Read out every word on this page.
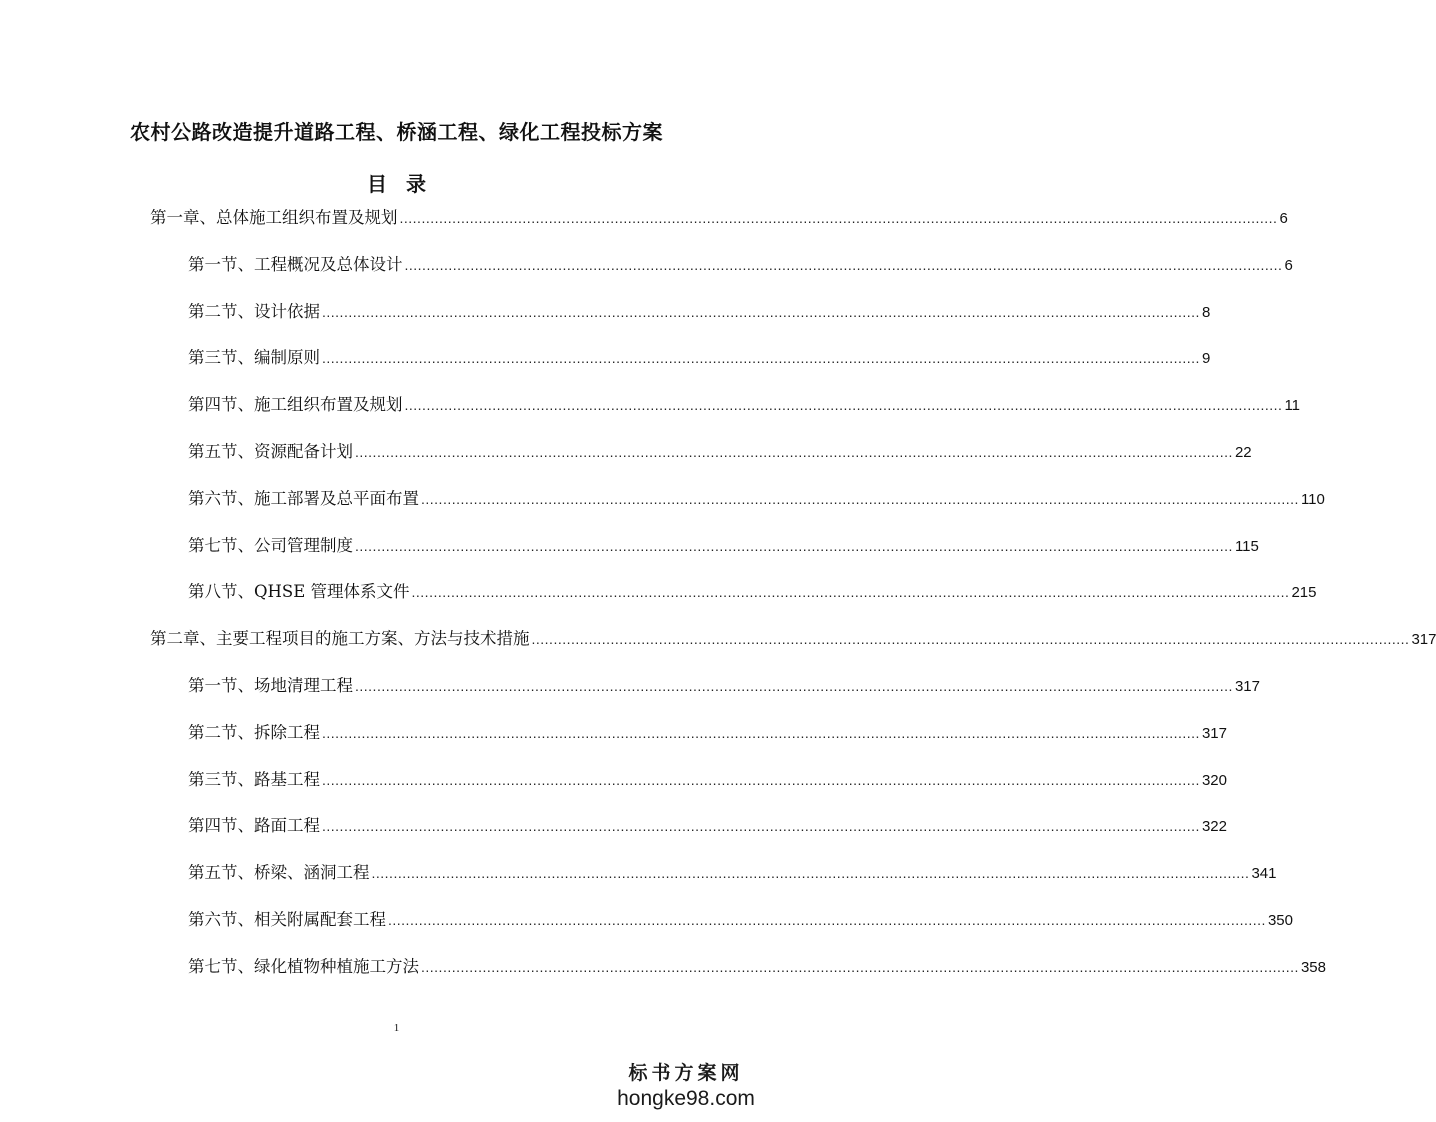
农村公路改造提升道路工程、桥涵工程、绿化工程投标方案
目 录
第一章、总体施工组织布置及规划 ........................................................................................................................................................................................................ 6
第一节、工程概况及总体设计 ........................................................................................................................................................................................................ 6
第二节、设计依据 ........................................................................................................................................................................................................ 8
第三节、编制原则 ........................................................................................................................................................................................................ 9
第四节、施工组织布置及规划 ........................................................................................................................................................................................................ 11
第五节、资源配备计划 ........................................................................................................................................................................................................ 22
第六节、施工部署及总平面布置 ........................................................................................................................................................................................................ 110
第七节、公司管理制度 ........................................................................................................................................................................................................ 115
第八节、QHSE 管理体系文件 ........................................................................................................................................................................................................ 215
第二章、主要工程项目的施工方案、方法与技术措施 ........................................................................................................................................................................................................ 317
第一节、场地清理工程 ........................................................................................................................................................................................................ 317
第二节、拆除工程 ........................................................................................................................................................................................................ 317
第三节、路基工程 ........................................................................................................................................................................................................ 320
第四节、路面工程 ........................................................................................................................................................................................................ 322
第五节、桥梁、涵洞工程 ........................................................................................................................................................................................................ 341
第六节、相关附属配套工程 ........................................................................................................................................................................................................ 350
第七节、绿化植物种植施工方法 ........................................................................................................................................................................................................ 358
1
标书方案网
hongke98.com
